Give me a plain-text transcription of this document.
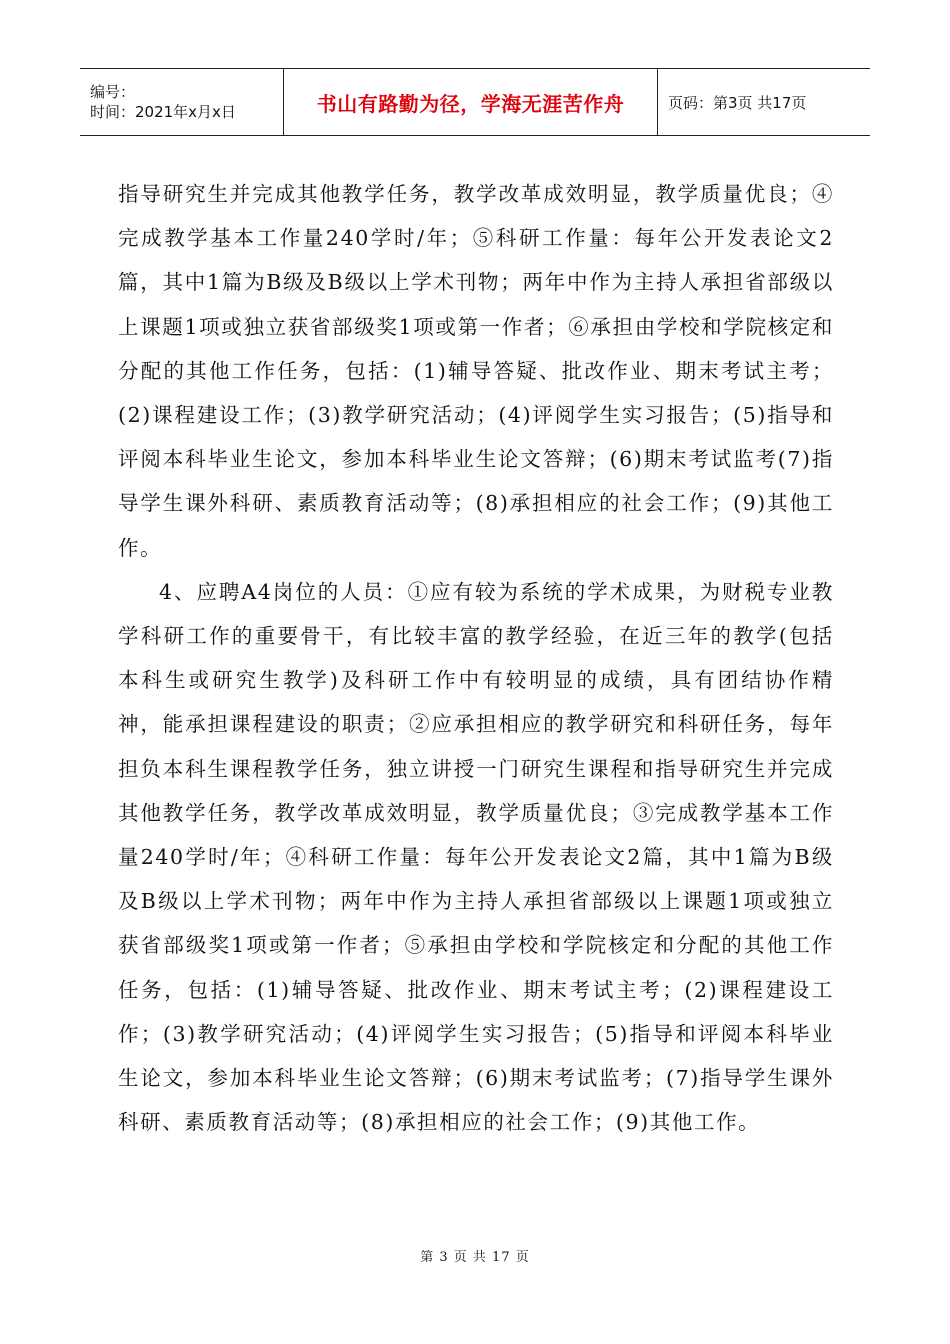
编号：
时间：2021年x月x日	书山有路勤为径，学海无涯苦作舟	页码：第3页 共17页

指导研究生并完成其他教学任务，教学改革成效明显，教学质量优良；④完成教学基本工作量240学时/年；⑤科研工作量：每年公开发表论文2篇，其中1篇为B级及B级以上学术刊物；两年中作为主持人承担省部级以上课题1项或独立获省部级奖1项或第一作者；⑥承担由学校和学院核定和分配的其他工作任务，包括：(1)辅导答疑、批改作业、期末考试主考；(2)课程建设工作；(3)教学研究活动；(4)评阅学生实习报告；(5)指导和评阅本科毕业生论文，参加本科毕业生论文答辩；(6)期末考试监考(7)指导学生课外科研、素质教育活动等；(8)承担相应的社会工作；(9)其他工作。

4、应聘A4岗位的人员：①应有较为系统的学术成果，为财税专业教学科研工作的重要骨干，有比较丰富的教学经验，在近三年的教学(包括本科生或研究生教学)及科研工作中有较明显的成绩，具有团结协作精神，能承担课程建设的职责；②应承担相应的教学研究和科研任务，每年担负本科生课程教学任务，独立讲授一门研究生课程和指导研究生并完成其他教学任务，教学改革成效明显，教学质量优良；③完成教学基本工作量240学时/年；④科研工作量：每年公开发表论文2篇，其中1篇为B级及B级以上学术刊物；两年中作为主持人承担省部级以上课题1项或独立获省部级奖1项或第一作者；⑤承担由学校和学院核定和分配的其他工作任务，包括：(1)辅导答疑、批改作业、期末考试主考；(2)课程建设工作；(3)教学研究活动；(4)评阅学生实习报告；(5)指导和评阅本科毕业生论文，参加本科毕业生论文答辩；(6)期末考试监考；(7)指导学生课外科研、素质教育活动等；(8)承担相应的社会工作；(9)其他工作。

第 3 页 共 17 页
